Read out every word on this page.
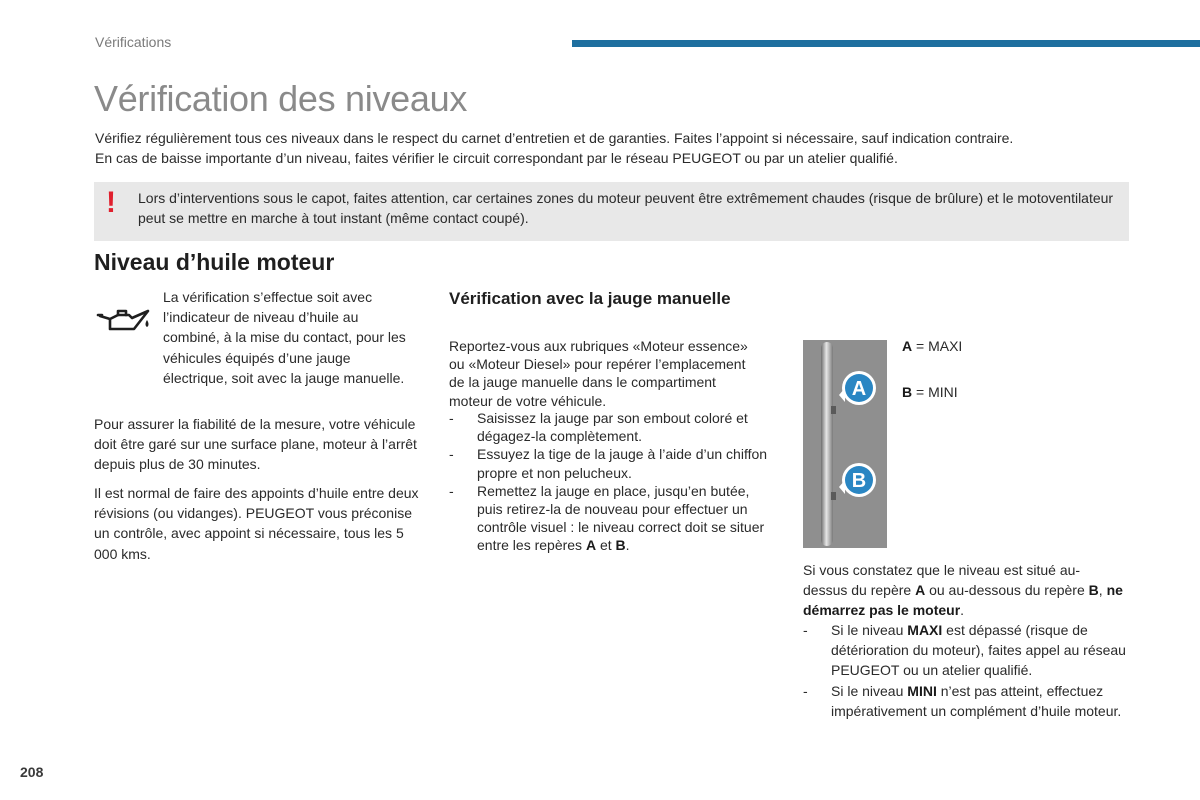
Vérifications
Vérification des niveaux

Vérifiez régulièrement tous ces niveaux dans le respect du carnet d’entretien et de garanties. Faites l’appoint si nécessaire, sauf indication contraire.
En cas de baisse importante d’un niveau, faites vérifier le circuit correspondant par le réseau PEUGEOT ou par un atelier qualifié.

! Lors d’interventions sous le capot, faites attention, car certaines zones du moteur peuvent être extrêmement chaudes (risque de brûlure) et le motoventilateur peut se mettre en marche à tout instant (même contact coupé).

Niveau d’huile moteur

La vérification s’effectue soit avec l’indicateur de niveau d’huile au combiné, à la mise du contact, pour les véhicules équipés d’une jauge électrique, soit avec la jauge manuelle.

Pour assurer la fiabilité de la mesure, votre véhicule doit être garé sur une surface plane, moteur à l’arrêt depuis plus de 30 minutes.

Il est normal de faire des appoints d’huile entre deux révisions (ou vidanges). PEUGEOT vous préconise un contrôle, avec appoint si nécessaire, tous les 5 000 kms.

Vérification avec la jauge manuelle

Reportez-vous aux rubriques «Moteur essence» ou «Moteur Diesel» pour repérer l’emplacement de la jauge manuelle dans le compartiment moteur de votre véhicule.

- Saisissez la jauge par son embout coloré et dégagez-la complètement.
- Essuyez la tige de la jauge à l’aide d’un chiffon propre et non pelucheux.
- Remettez la jauge en place, jusqu’en butée, puis retirez-la de nouveau pour effectuer un contrôle visuel : le niveau correct doit se situer entre les repères A et B.
A
B
A = MAXI
B = MINI

Si vous constatez que le niveau est situé au-dessus du repère A ou au-dessous du repère B, ne démarrez pas le moteur.

- Si le niveau MAXI est dépassé (risque de détérioration du moteur), faites appel au réseau PEUGEOT ou un atelier qualifié.
- Si le niveau MINI n’est pas atteint, effectuez impérativement un complément d’huile moteur.
208
